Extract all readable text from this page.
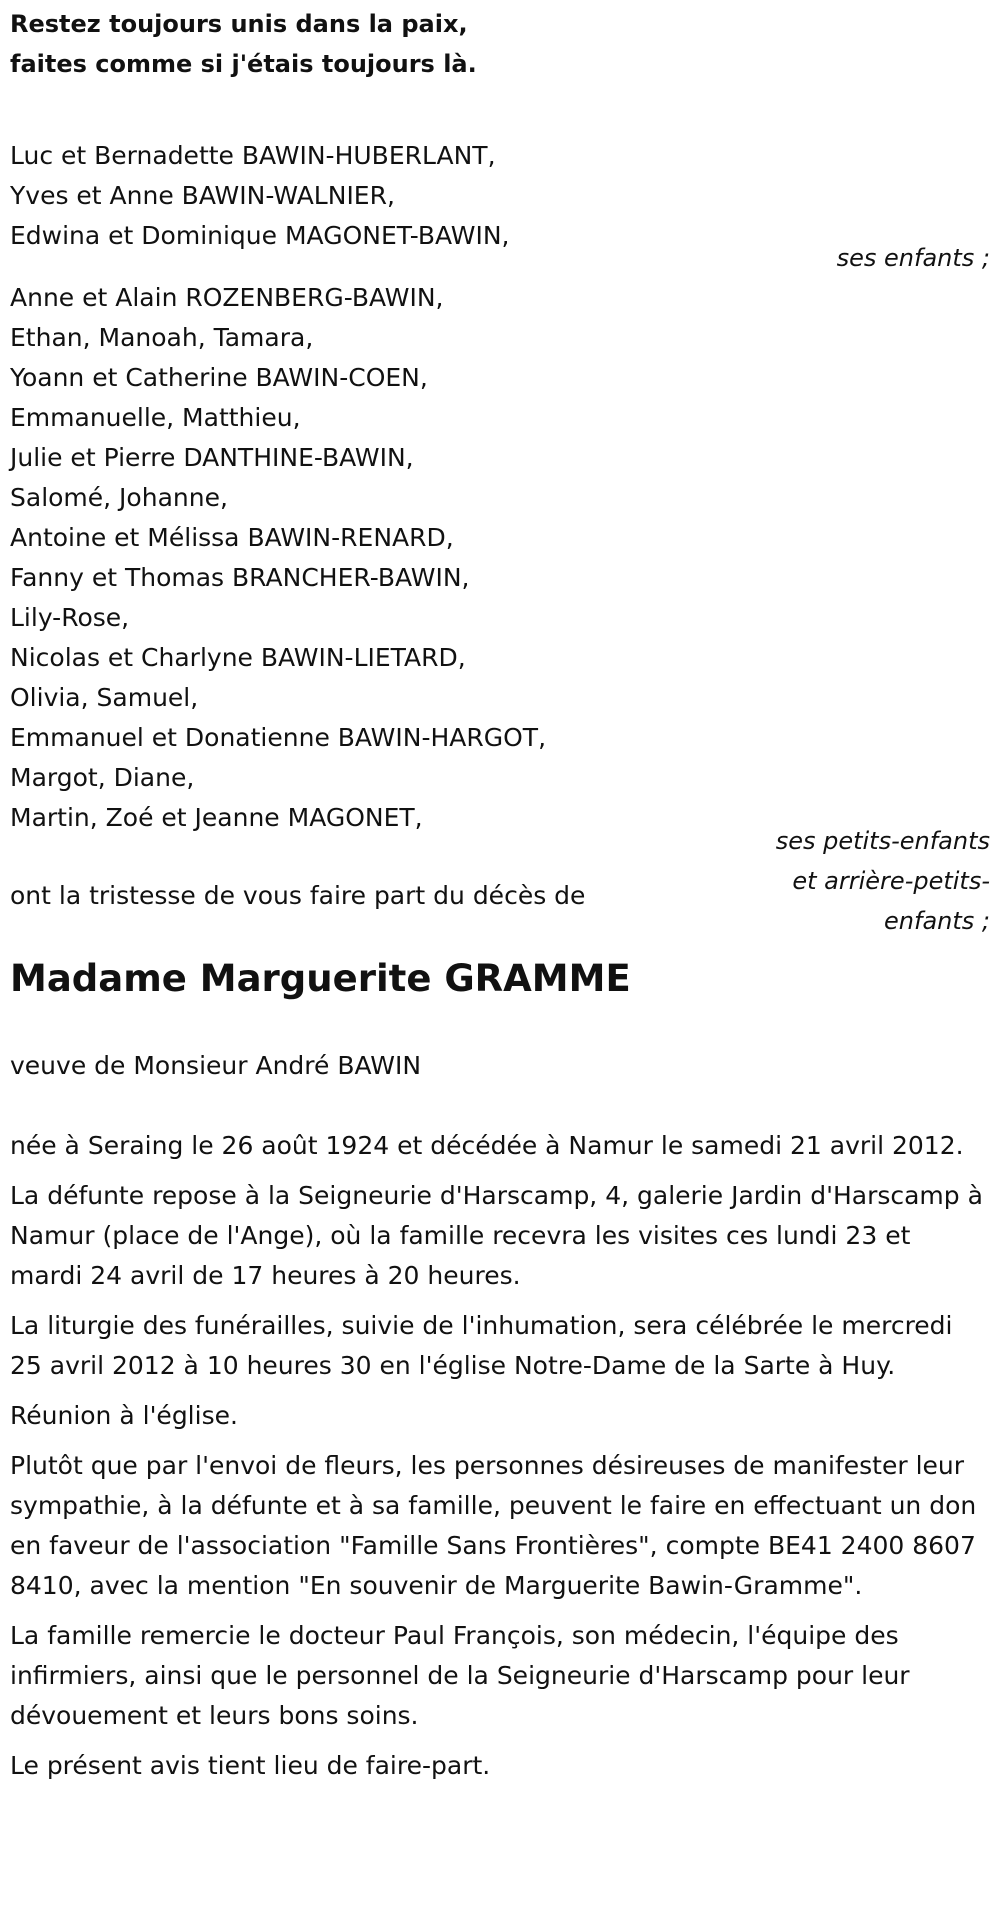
Restez toujours unis dans la paix,
faites comme si j'étais toujours là.
Luc et Bernadette BAWIN-HUBERLANT,
Yves et Anne BAWIN-WALNIER,
Edwina et Dominique MAGONET-BAWIN,
ses enfants ;
Anne et Alain ROZENBERG-BAWIN,
Ethan, Manoah, Tamara,
Yoann et Catherine BAWIN-COEN,
Emmanuelle, Matthieu,
Julie et Pierre DANTHINE-BAWIN,
Salomé, Johanne,
Antoine et Mélissa BAWIN-RENARD,
Fanny et Thomas BRANCHER-BAWIN,
Lily-Rose,
Nicolas et Charlyne BAWIN-LIETARD,
Olivia, Samuel,
Emmanuel et Donatienne BAWIN-HARGOT,
Margot, Diane,
Martin, Zoé et Jeanne MAGONET,
ses petits-enfants
et arrière-petits-
enfants ;
ont la tristesse de vous faire part du décès de
Madame Marguerite GRAMME
veuve de Monsieur André BAWIN

née à Seraing le 26 août 1924 et décédée à Namur le samedi 21 avril 2012.

La défunte repose à la Seigneurie d'Harscamp, 4, galerie Jardin d'Harscamp à Namur (place de l'Ange), où la famille recevra les visites ces lundi 23 et mardi 24 avril de 17 heures à 20 heures.

La liturgie des funérailles, suivie de l'inhumation, sera célébrée le mercredi 25 avril 2012 à 10 heures 30 en l'église Notre-Dame de la Sarte à Huy.

Réunion à l'église.

Plutôt que par l'envoi de fleurs, les personnes désireuses de manifester leur sympathie, à la défunte et à sa famille, peuvent le faire en effectuant un don en faveur de l'association "Famille Sans Frontières", compte BE41 2400 8607 8410, avec la mention "En souvenir de Marguerite Bawin-Gramme".

La famille remercie le docteur Paul François, son médecin, l'équipe des infirmiers, ainsi que le personnel de la Seigneurie d'Harscamp pour leur dévouement et leurs bons soins.

Le présent avis tient lieu de faire-part.
